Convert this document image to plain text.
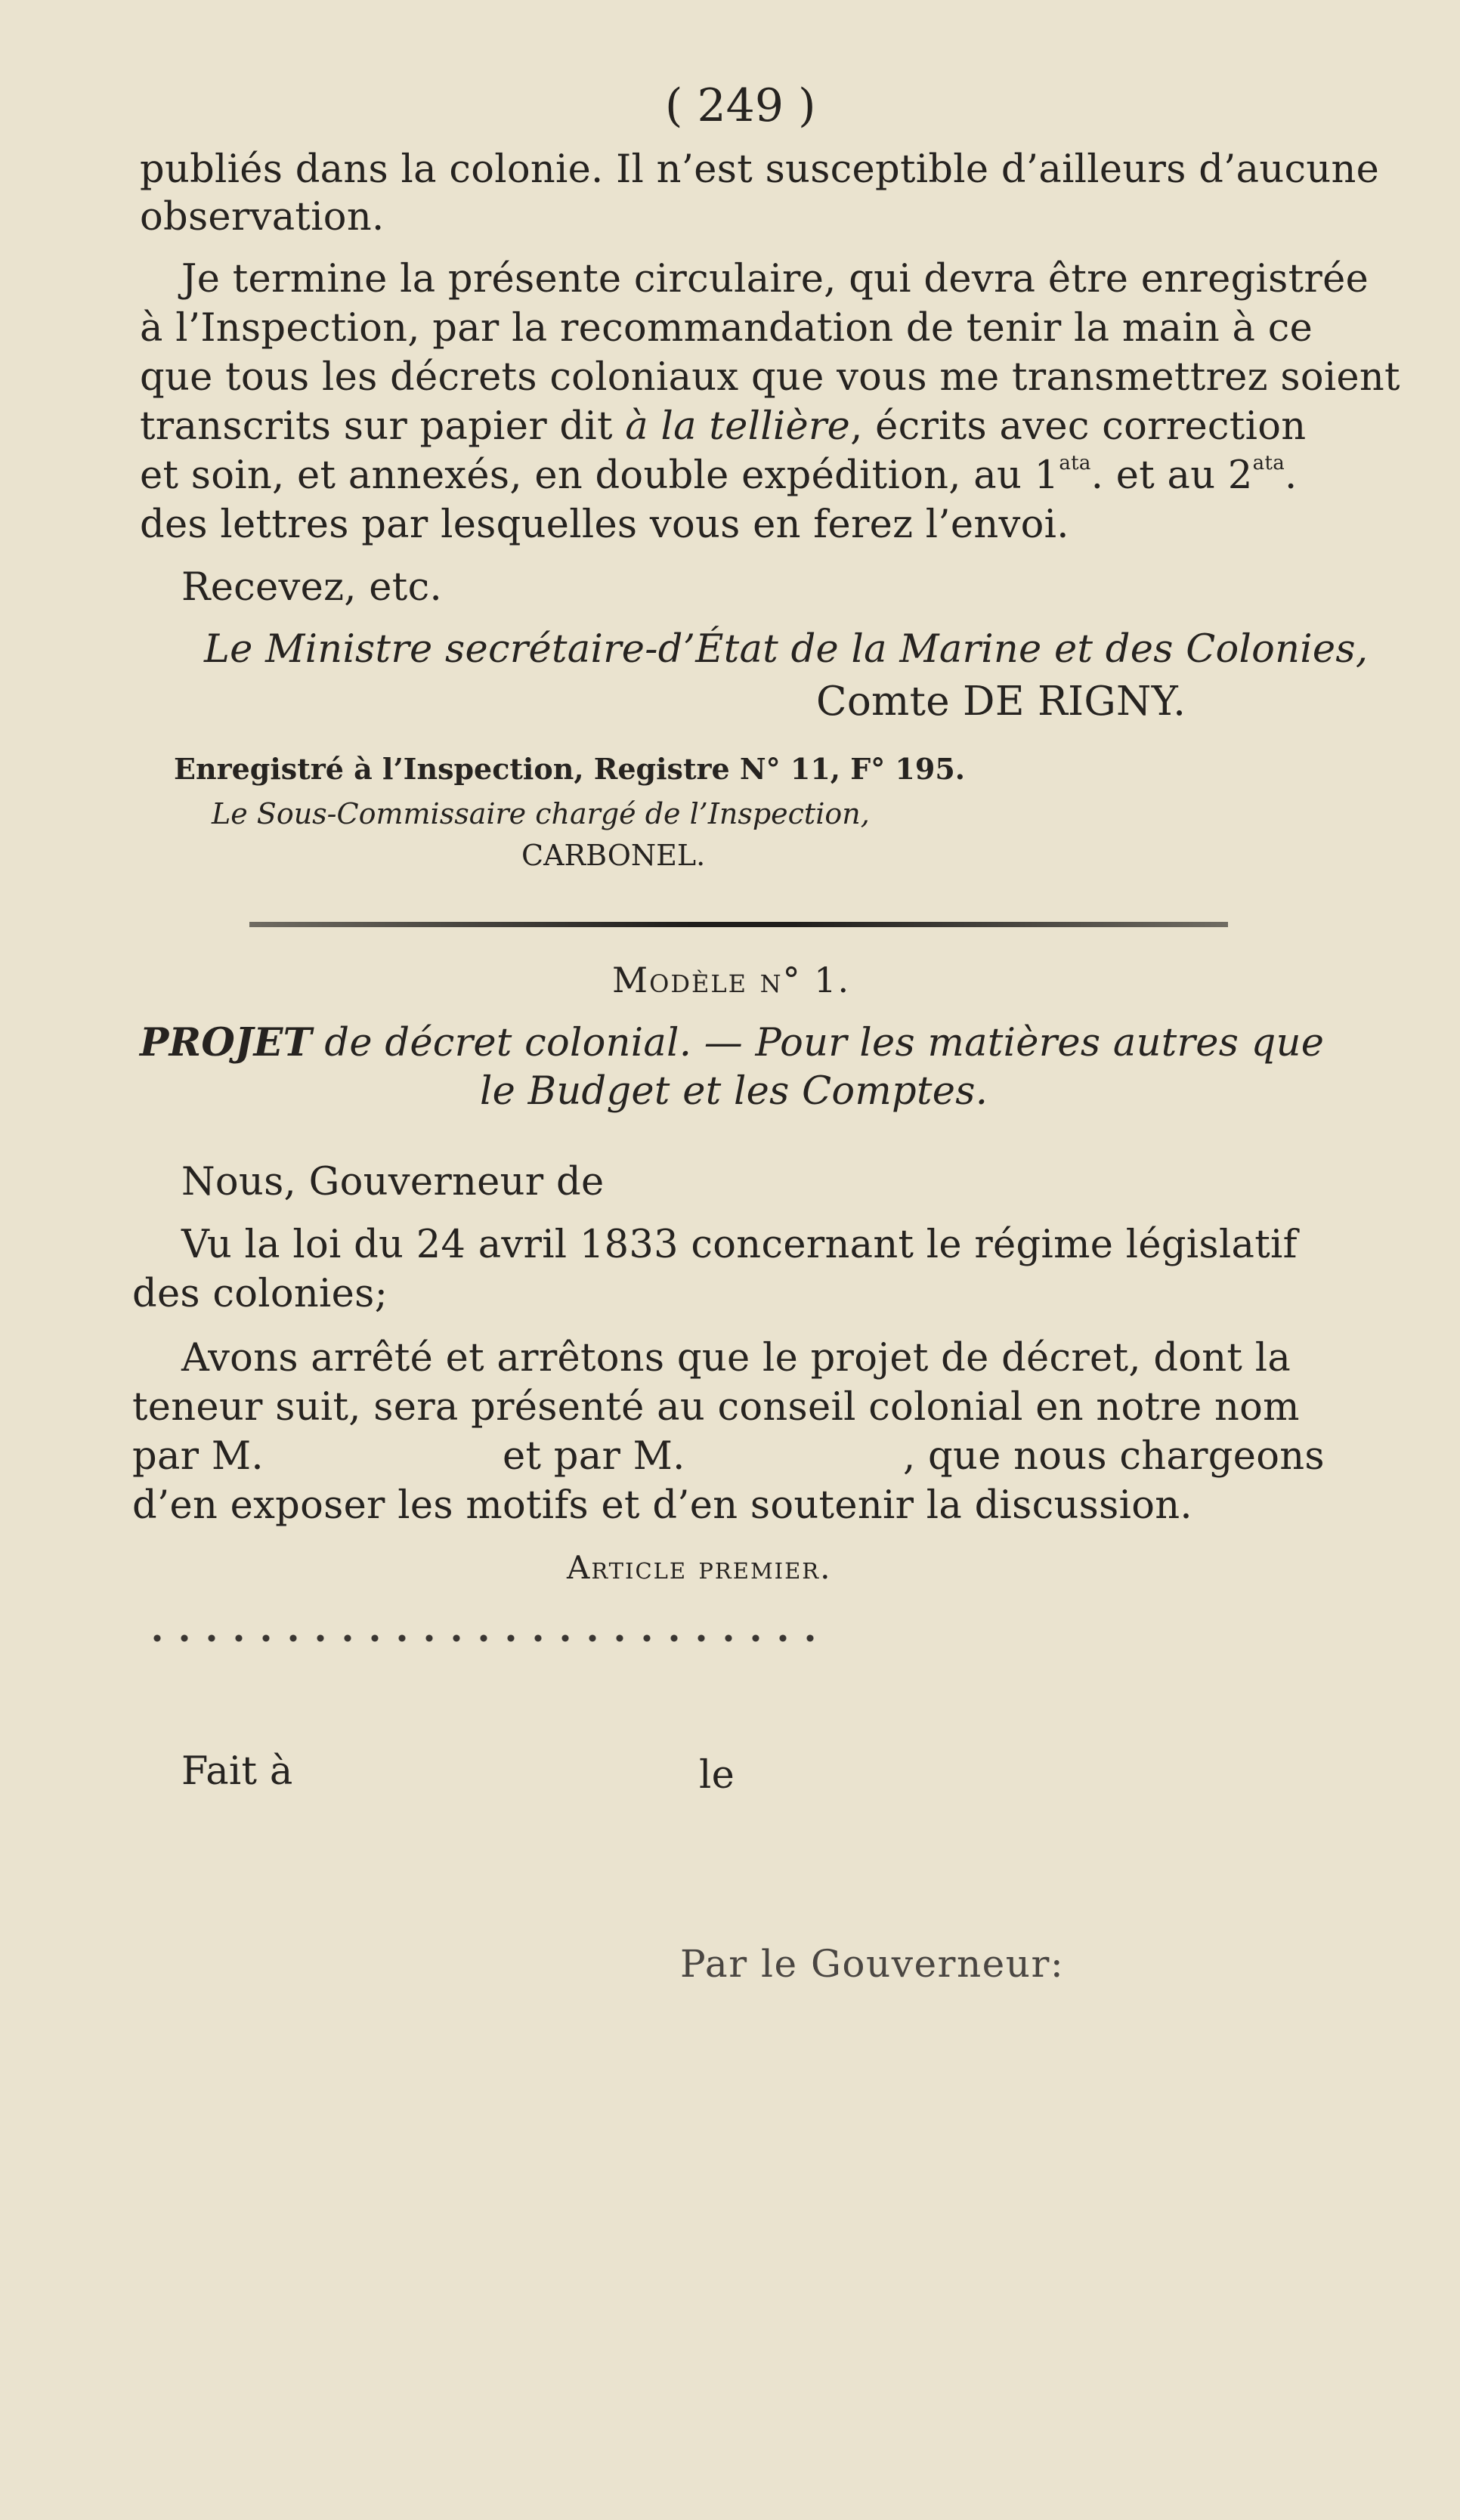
( 249 )
publiés dans la colonie. Il n’est susceptible d’ailleurs d’aucune
observation.
Je termine la présente circulaire, qui devra être enregistrée
à l’Inspection, par la recommandation de tenir la main à ce
que tous les décrets coloniaux que vous me transmettrez soient
transcrits sur papier dit à la tellière, écrits avec correction
et soin, et annexés, en double expédition, au $1^{ata}$. et au $2^{ata}$.
des lettres par lesquelles vous en ferez l’envoi.
Recevez, etc.
Le Ministre secrétaire-d’État de la Marine et des Colonies,
Comte DE RIGNY.
Enregistré à l’Inspection, Registre N° 11, F° 195.
Le Sous-Commissaire chargé de l’Inspection,
CARBONEL.
Modèle n° 1.
PROJET de décret colonial. — Pour les matières autres que
le Budget et les Comptes.
Nous, Gouverneur de
Vu la loi du 24 avril 1833 concernant le régime législatif
des colonies;
Avons arrêté et arrêtons que le projet de décret, dont la
teneur suit, sera présenté au conseil colonial en notre nom
par M.	et par M.	, que nous chargeons
d’en exposer les motifs et d’en soutenir la discussion.
Article premier.
Fait à	le
Par le Gouverneur:
